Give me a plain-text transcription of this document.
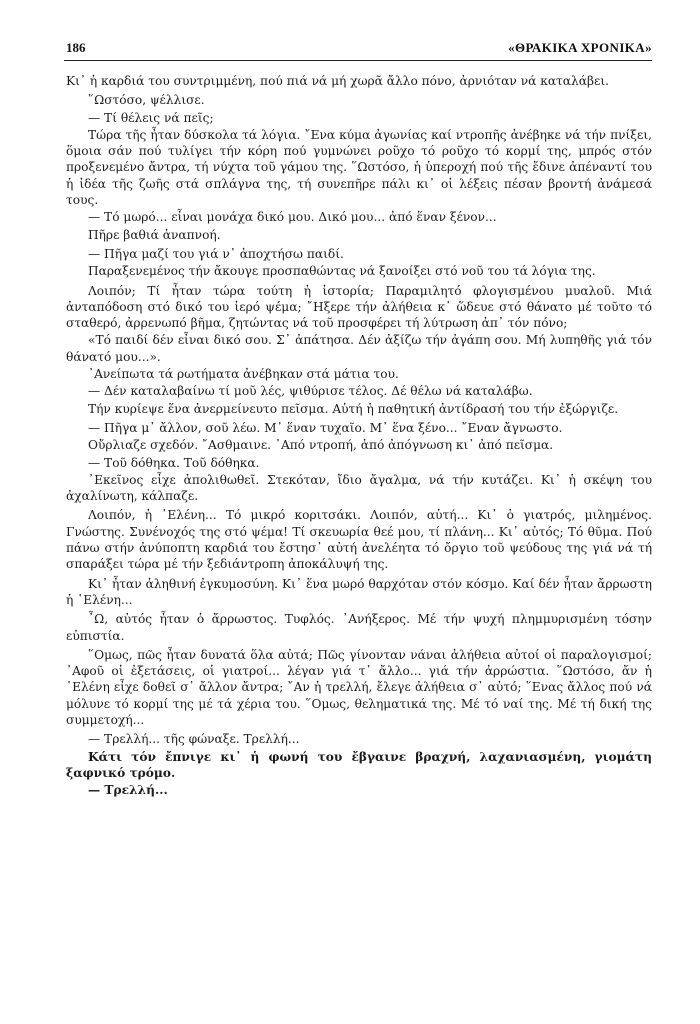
186	«ΘΡΑΚΙΚΑ ΧΡΟΝΙΚΑ»

Κι᾽ ἡ καρδιά του συντριμμένη, πού πιά νά μή χωρᾶ ἄλλο πόνο, ἀρνιόταν νά καταλάβει.

῞Ωστόσο, ψέλλισε.

— Τί θέλεις νά πεῖς;

Τώρα τῆς ἦταν δύσκολα τά λόγια. ῎Ενα κύμα ἀγωνίας καί ντροπῆς ἀνέβηκε νά τήν πνίξει, ὅμοια σάν πού τυλίγει τήν κόρη πού γυμνώνει ροῦχο τό ροῦχο τό κορμί της, μπρός στόν προξενεμένο ἄντρα, τή νύχτα τοῦ γάμου της. ῞Ωστόσο, ἡ ὑπεροχή πού τῆς ἔδινε ἀπέναντί του ἡ ἰδέα τῆς ζωῆς στά σπλάγνα της, τή συνεπῆρε πάλι κι᾽ οἱ λέξεις πέσαν βροντή ἀνάμεσά τους.

— Τό μωρό... εἶναι μονάχα δικό μου. Δικό μου... ἀπό ἕναν ξένον...

Πῆρε βαθιά ἀναπνοή.

— Πῆγα μαζί του γιά ν᾽ ἀποχτήσω παιδί.

Παραξενεμένος τήν ἄκουγε προσπαθώντας νά ξανοίξει στό νοῦ του τά λόγια της.

Λοιπόν; Τί ἦταν τώρα τούτη ἡ ἱστορία; Παραμιλητό φλογισμένου μυαλοῦ. Μιά ἀνταπόδοση στό δικό του ἱερό ψέμα; ῎Ηξερε τήν ἀλήθεια κ᾽ ὥδευε στό θάνατο μέ τοῦτο τό σταθερό, ἀρρενωπό βῆμα, ζητώντας νά τοῦ προσφέρει τή λύτρωση ἀπ᾽ τόν πόνο;

«Τό παιδί δέν εἶναι δικό σου. Σ᾽ ἀπάτησα. Δέν ἀξίζω τήν ἀγάπη σου. Μή λυπηθῆς γιά τόν θάνατό μου...».

᾽Ανείπωτα τά ρωτήματα ἀνέβηκαν στά μάτια του.

— Δέν καταλαβαίνω τί μοῦ λές, ψιθύρισε τέλος. Δέ θέλω νά καταλάβω.

Τήν κυρίεψε ἕνα ἀνερμείνευτο πεῖσμα. Αὐτή ἡ παθητική ἀντίδρασή του τήν ἐξώργιζε.

— Πῆγα μ᾽ ἄλλον, σοῦ λέω. Μ᾽ ἕναν τυχαῖο. Μ᾽ ἕνα ξένο... ῎Εναν ἄγνωστο.

Οὔρλιαζε σχεδόν. ῎Ασθμαινε. ᾽Από ντροπή, ἀπό ἀπόγνωση κι᾽ ἀπό πεῖσμα.

— Τοῦ δόθηκα. Τοῦ δόθηκα.

᾽Εκεῖνος εἶχε ἀπολιθωθεῖ. Στεκόταν, ἴδιο ἄγαλμα, νά τήν κυτάζει. Κι᾽ ἡ σκέψη του ἀχαλίνωτη, κάλπαζε.

Λοιπόν, ἡ ῾Ελένη... Τό μικρό κοριτσάκι. Λοιπόν, αὐτή... Κι᾽ ὁ γιατρός, μιλημένος. Γνώστης. Συνένοχός της στό ψέμα! Τί σκευωρία θεέ μου, τί πλάνη... Κι᾽ αὐτός; Τό θῦμα. Πού πάνω στήν ἀνύποπτη καρδιά του ἔστησ᾽ αὐτή ἀνελέητα τό ὄργιο τοῦ ψεύδους της γιά νά τή σπαράξει τώρα μέ τήν ξεδιάντροπη ἀποκάλυψή της.

Κι᾽ ἦταν ἀληθινή ἐγκυμοσύνη. Κι᾽ ἕνα μωρό θαρχόταν στόν κόσμο. Καί δέν ἦταν ἄρρωστη ἡ ῾Ελένη...

῏Ω, αὐτός ἦταν ὁ ἄρρωστος. Τυφλός. ᾽Ανήξερος. Μέ τήν ψυχή πλημμυρισμένη τόσην εὐπιστία.

῞Ομως, πῶς ἦταν δυνατά ὅλα αὐτά; Πῶς γίνονταν νάναι ἀλήθεια αὐτοί οἱ παραλογισμοί; ᾽Αφοῦ οἱ ἐξετάσεις, οἱ γιατροί... λέγαν γιά τ᾽ ἄλλο... γιά τήν ἀρρώστια. ῞Ωστόσο, ἄν ἡ ῾Ελένη εἶχε δοθεῖ σ᾽ ἄλλον ἄντρα; ῎Αν ἡ τρελλή, ἔλεγε ἀλήθεια σ᾽ αὐτό; ῞Ενας ἄλλος πού νά μόλυνε τό κορμί της μέ τά χέρια του. ῞Ομως, θεληματικά της. Μέ τό ναί της. Μέ τή δική της συμμετοχή...

— Τρελλή... τῆς φώναξε. Τρελλή...

Κάτι τόν ἔπνιγε κι᾽ ἡ φωνή του ἔβγαινε βραχνή, λαχανιασμένη, γιομάτη ξαφνικό τρόμο.

— Τρελλή...
